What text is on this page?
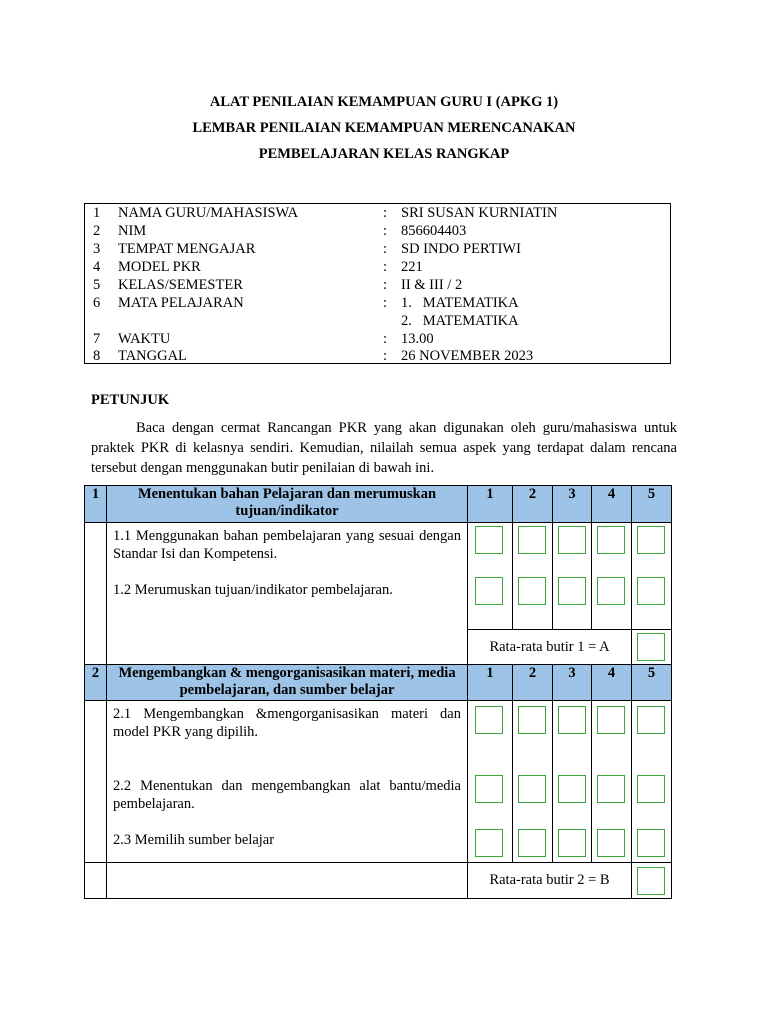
ALAT PENILAIAN KEMAMPUAN GURU I (APKG 1)
LEMBAR PENILAIAN KEMAMPUAN MERENCANAKAN
PEMBELAJARAN KELAS RANGKAP
1 NAMA GURU/MAHASISWA	: SRI SUSAN KURNIATIN
2 NIM	: 856604403
3 TEMPAT MENGAJAR	: SD INDO PERTIWI
4 MODEL PKR	: 221
5 KELAS/SEMESTER	: II & III / 2
6 MATA PELAJARAN	: 1.   MATEMATIKA
2.   MATEMATIKA
7 WAKTU	: 13.00
8 TANGGAL	: 26 NOVEMBER 2023
PETUNJUK
Baca dengan cermat Rancangan PKR yang akan digunakan oleh guru/mahasiswa untuk praktek PKR di kelasnya sendiri. Kemudian, nilailah semua aspek yang terdapat dalam rencana tersebut dengan menggunakan butir penilaian di bawah ini.
1	Menentukan bahan Pelajaran dan merumuskan tujuan/indikator	1	2	3	4	5

	1.1 Menggunakan bahan pembelajaran yang sesuai dengan Standar Isi dan Kompetensi.
1.2 Merumuskan tujuan/indikator pembelajaran.					

		Rata-rata butir 1 = A				
2	Mengembangkan & mengorganisasikan materi, media pembelajaran, dan sumber belajar	1	2	3	4	5

	2.1 Mengembangkan &mengorganisasikan materi dan model PKR yang dipilih.
2.2 Menentukan dan mengembangkan alat bantu/media pembelajaran.
2.3 Memilih sumber belajar					

		Rata-rata butir 2 = B				
